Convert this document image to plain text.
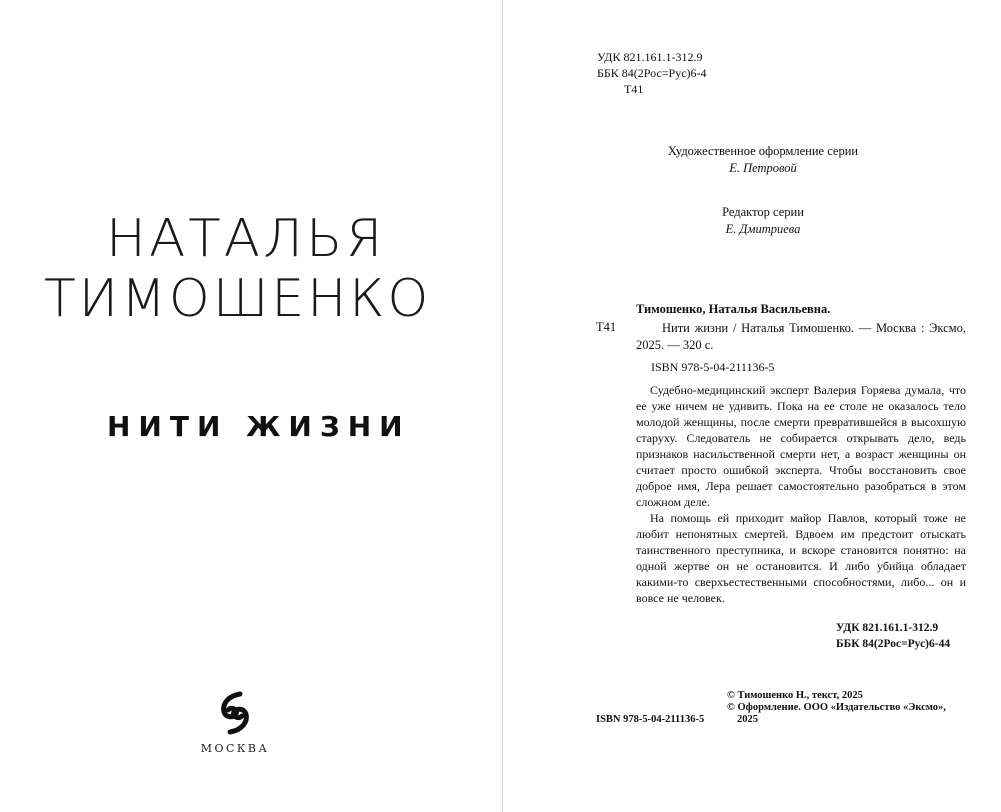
НАТАЛЬЯ
ТИМОШЕНКО
НИТИ ЖИЗНИ
МОСКВА
УДК 821.161.1-312.9
ББК 84(2Рос=Рус)6-4
Т41
Художественное оформление серии
Е. Петровой
Редактор серии
Е. Дмитриева
Тимошенко, Наталья Васильевна.
Т41	Нити жизни / Наталья Тимошенко. — Москва : Эксмо, 2025. — 320 с.

ISBN 978-5-04-211136-5

Судебно-медицинский эксперт Валерия Горяева думала, что ее уже ничем не удивить. Пока на ее столе не оказалось тело молодой женщины, после смерти превратившейся в высохшую старуху. Следователь не собирается открывать дело, ведь признаков насильственной смерти нет, а возраст женщины он считает просто ошибкой эксперта. Чтобы восстановить свое доброе имя, Лера решает самостоятельно разобраться в этом сложном деле.

На помощь ей приходит майор Павлов, который тоже не любит непонятных смертей. Вдвоем им предстоит отыскать таинственного преступника, и вскоре становится понятно: на одной жертве он не остановится. И либо убийца обладает какими-то сверхъестественными способностями, либо... он и вовсе не человек.

УДК 821.161.1-312.9
ББК 84(2Рос=Рус)6-44
© Тимошенко Н., текст, 2025
© Оформление. ООО «Издательство «Эксмо»,
2025
ISBN 978-5-04-211136-5
